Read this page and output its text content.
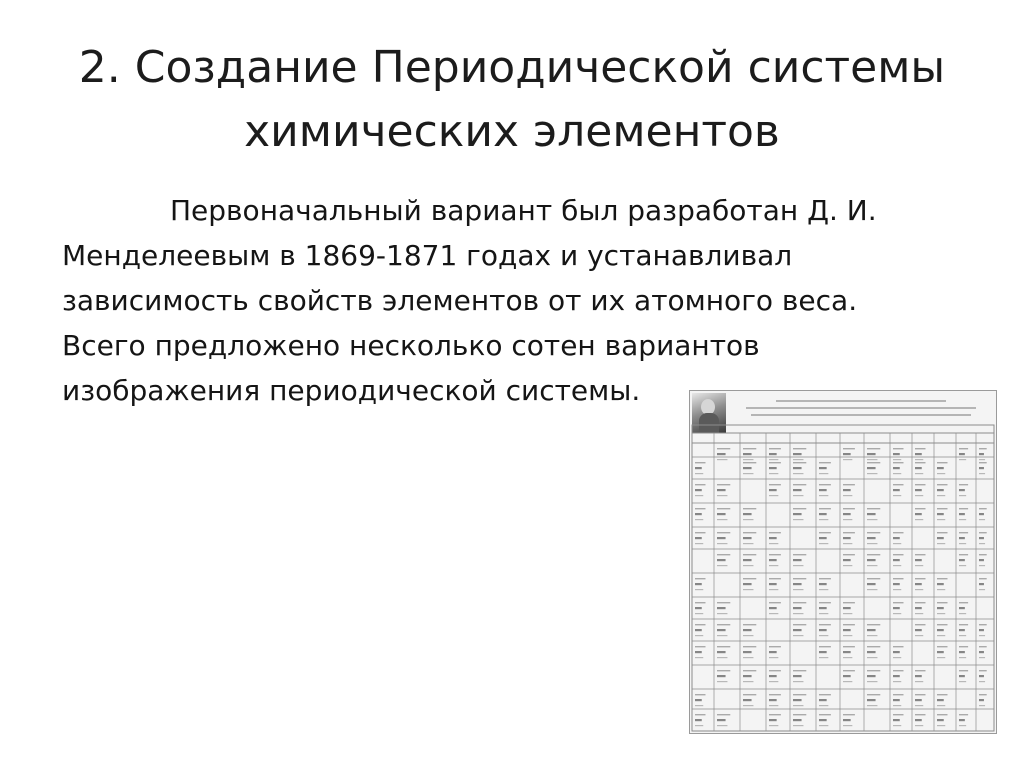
2. Создание Периодической системы
химических элементов

Первоначальный вариант был разработан Д. И.
Менделеевым в 1869-1871 годах и устанавливал
зависимость свойств элементов от их атомного веса.
Всего предложено несколько сотен вариантов
изображения периодической системы.
